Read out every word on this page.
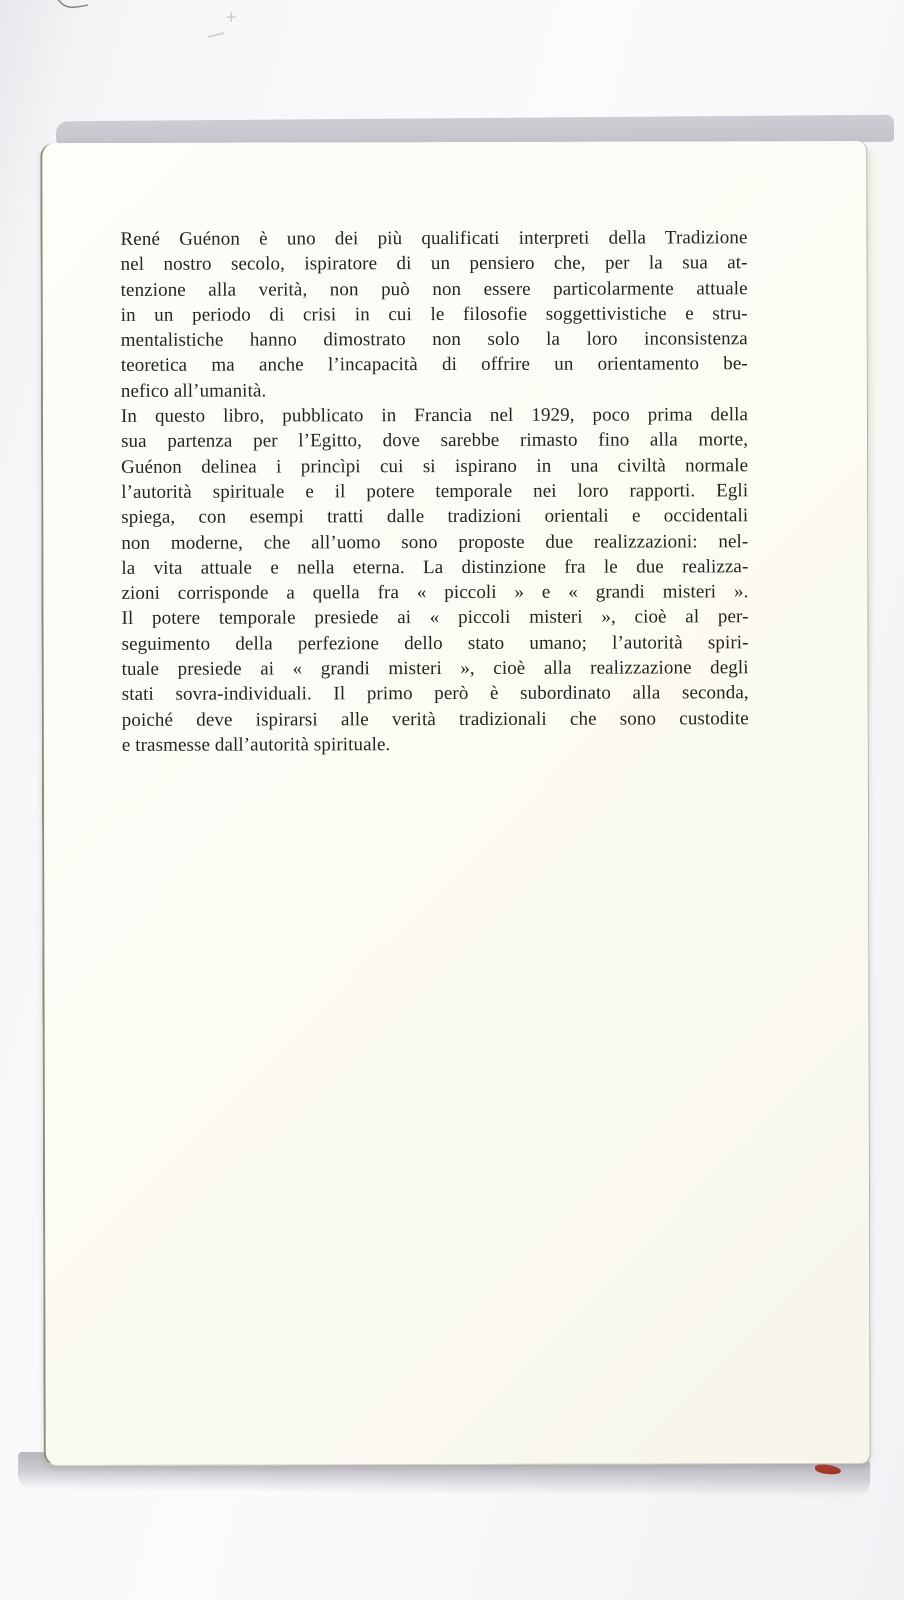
+
René Guénon è uno dei più qualificati interpreti della Tradizione
nel nostro secolo, ispiratore di un pensiero che, per la sua at-
tenzione alla verità, non può non essere particolarmente attuale
in un periodo di crisi in cui le filosofie soggettivistiche e stru-
mentalistiche hanno dimostrato non solo la loro inconsistenza
teoretica ma anche l’incapacità di offrire un orientamento be-
nefico all’umanità.
In questo libro, pubblicato in Francia nel 1929, poco prima della
sua partenza per l’Egitto, dove sarebbe rimasto fino alla morte,
Guénon delinea i princìpi cui si ispirano in una civiltà normale
l’autorità spirituale e il potere temporale nei loro rapporti. Egli
spiega, con esempi tratti dalle tradizioni orientali e occidentali
non moderne, che all’uomo sono proposte due realizzazioni: nel-
la vita attuale e nella eterna. La distinzione fra le due realizza-
zioni corrisponde a quella fra « piccoli » e « grandi misteri ».
Il potere temporale presiede ai « piccoli misteri », cioè al per-
seguimento della perfezione dello stato umano; l’autorità spiri-
tuale presiede ai « grandi misteri », cioè alla realizzazione degli
stati sovra-individuali. Il primo però è subordinato alla seconda,
poiché deve ispirarsi alle verità tradizionali che sono custodite
e trasmesse dall’autorità spirituale.
